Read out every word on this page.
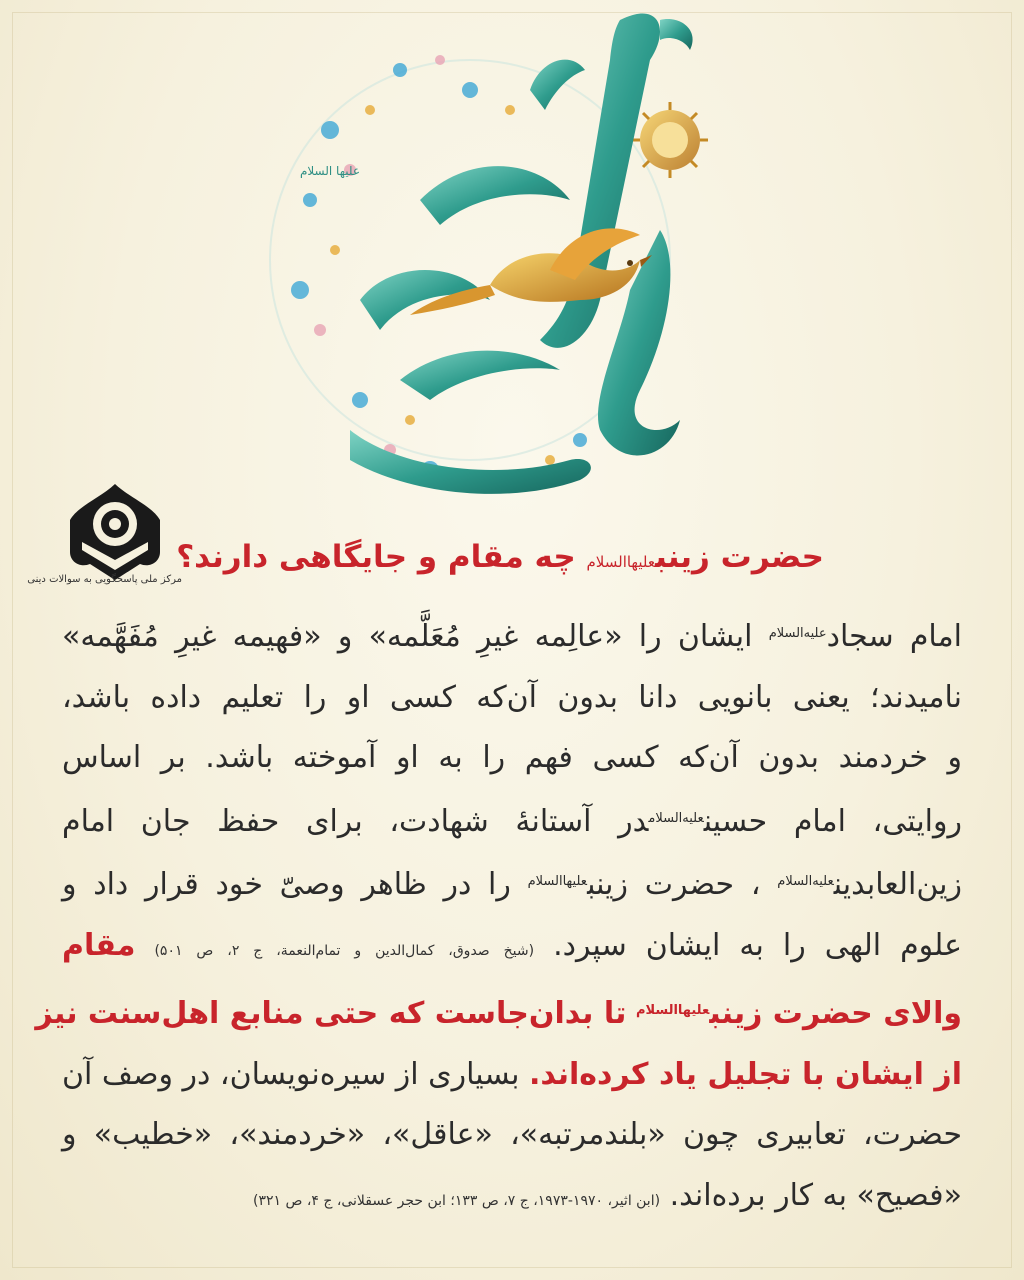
علیها السلام
مرکز ملی پاسخگویی به سوالات دینی
حضرت زینبعلیهاالسلام چه مقام و جایگاهی دارند؟
امام سجاد$^{علیه‌السلام}$ ایشان را «عالِمه غیرِ مُعَلَّمه» و «فهیمه غیرِ مُفَهَّمه»
نامیدند؛ یعنی بانویی دانا بدون آن‌که کسی او را تعلیم داده باشد،
و خردمند بدون آن‌که کسی فهم را به او آموخته باشد. بر اساس
روایتی، امام حسین$^{علیه‌السلام}$در آستانۀ شهادت، برای حفظ جان امام
زین‌العابدین$^{علیه‌السلام}$ ، حضرت زینب$^{علیهاالسلام}$ را در ظاهر وصیّ خود قرار داد و
علوم الهی را به ایشان سپرد. (شیخ صدوق، کمال‌الدین و تمام‌النعمة، ج ۲، ص ۵۰۱) مقام
والای حضرت زینب$^{علیهاالسلام}$ تا بدان‌جاست که حتی منابع اهل‌سنت نیز
از ایشان با تجلیل یاد کرده‌اند. بسیاری از سیره‌نویسان، در وصف آن
حضرت، تعابیری چون «بلندمرتبه»، «عاقل»، «خردمند»، «خطیب» و
«فصیح» به کار برده‌اند. (ابن اثیر، ۱۹۷۰-۱۹۷۳، ج ۷، ص ۱۳۳؛ ابن حجر عسقلانی، ج ۴، ص ۳۲۱)
